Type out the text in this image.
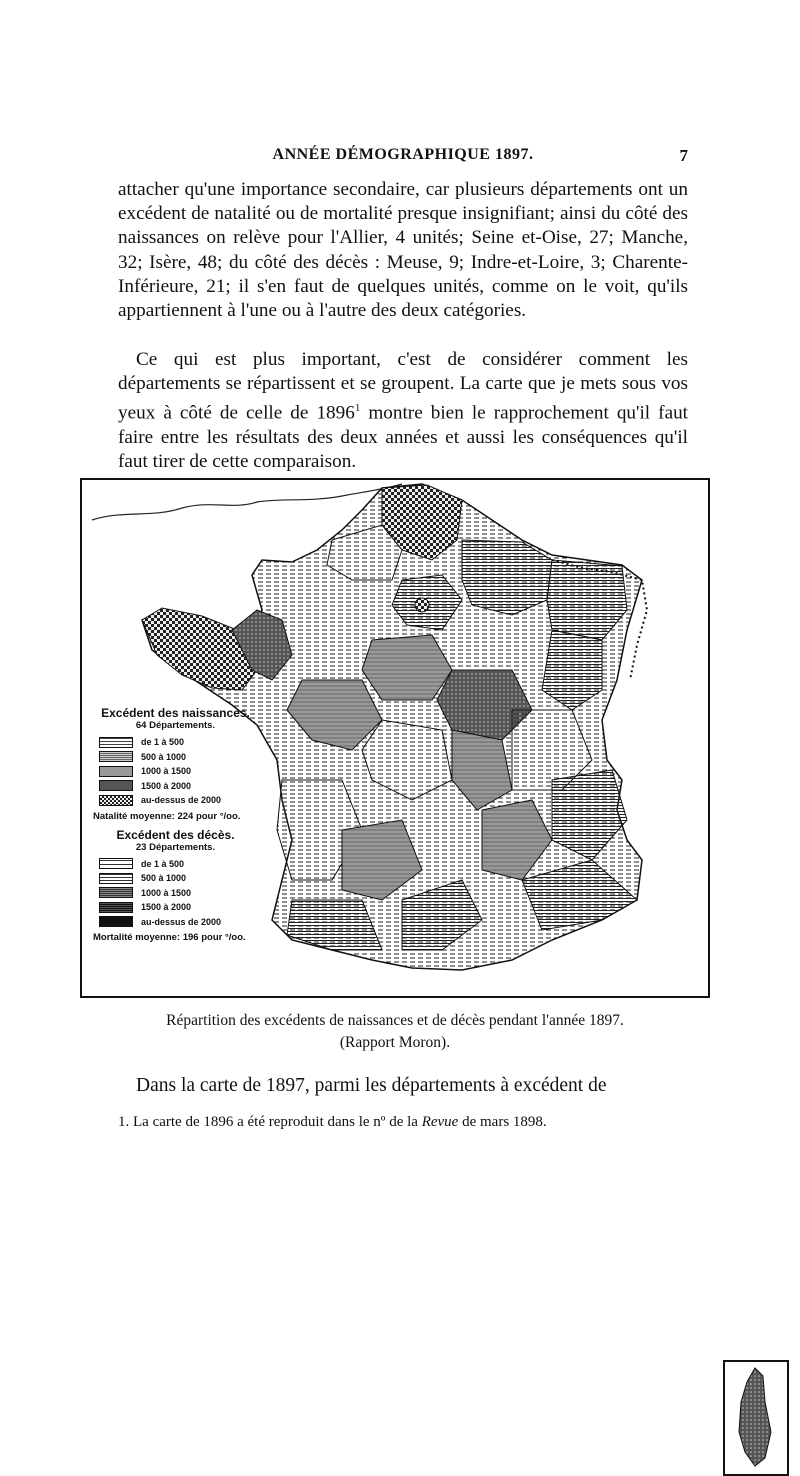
ANNÉE DÉMOGRAPHIQUE 1897.	7
attacher qu'une importance secondaire, car plusieurs départements ont un excédent de natalité ou de mortalité presque insignifiant; ainsi du côté des naissances on relève pour l'Allier, 4 unités; Seine et-Oise, 27; Manche, 32; Isère, 48; du côté des décès : Meuse, 9; Indre-et-Loire, 3; Charente-Inférieure, 21; il s'en faut de quelques unités, comme on le voit, qu'ils appartiennent à l'une ou à l'autre des deux catégories.
Ce qui est plus important, c'est de considérer comment les départements se répartissent et se groupent. La carte que je mets sous vos yeux à côté de celle de 1896$^1$ montre bien le rapprochement qu'il faut faire entre les résultats des deux années et aussi les conséquences qu'il faut tirer de cette comparaison.
Excédent des naissances.
64 Départements.
de 1 à 500
500 à 1000
1000 à 1500
1500 à 2000
au-dessus de 2000
Natalité moyenne: 224 pour °/oo.
Excédent des décès.
23 Départements.
de 1 à 500
500 à 1000
1000 à 1500
1500 à 2000
au-dessus de 2000
Mortalité moyenne: 196 pour °/oo.
Répartition des excédents de naissances et de décès pendant l'année 1897.
(Rapport Moron).
Dans la carte de 1897, parmi les départements à excédent de
1. La carte de 1896 a été reproduit dans le nº de la Revue de mars 1898.
